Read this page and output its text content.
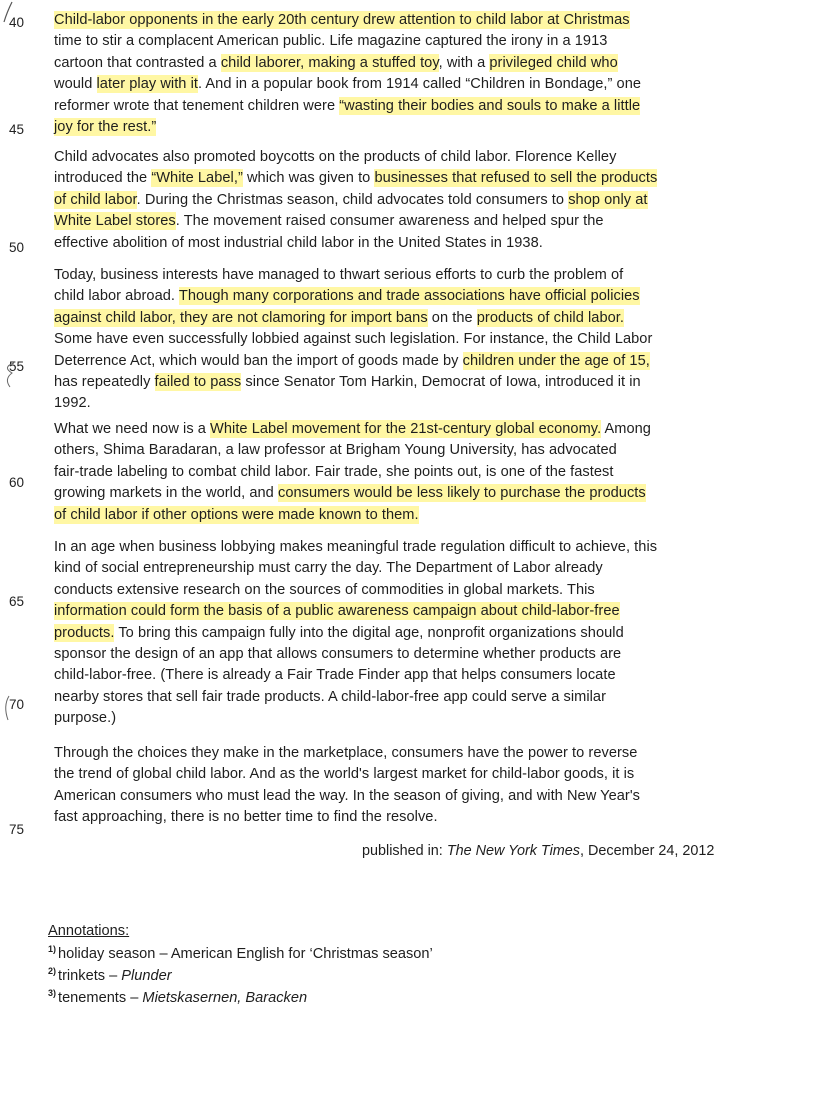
Child-labor opponents in the early 20th century drew attention to child labor at Christmas
time to stir a complacent American public. Life magazine captured the irony in a 1913
cartoon that contrasted a child laborer, making a stuffed toy, with a privileged child who
would later play with it. And in a popular book from 1914 called “Children in Bondage,” one
reformer wrote that tenement children were “wasting their bodies and souls to make a little
joy for the rest.”
Child advocates also promoted boycotts on the products of child labor. Florence Kelley
introduced the “White Label,” which was given to businesses that refused to sell the products
of child labor. During the Christmas season, child advocates told consumers to shop only at
White Label stores. The movement raised consumer awareness and helped spur the
effective abolition of most industrial child labor in the United States in 1938.
Today, business interests have managed to thwart serious efforts to curb the problem of
child labor abroad. Though many corporations and trade associations have official policies
against child labor, they are not clamoring for import bans on the products of child labor.
Some have even successfully lobbied against such legislation. For instance, the Child Labor
Deterrence Act, which would ban the import of goods made by children under the age of 15,
has repeatedly failed to pass since Senator Tom Harkin, Democrat of Iowa, introduced it in
1992.
What we need now is a White Label movement for the 21st-century global economy. Among
others, Shima Baradaran, a law professor at Brigham Young University, has advocated
fair-trade labeling to combat child labor. Fair trade, she points out, is one of the fastest
growing markets in the world, and consumers would be less likely to purchase the products
of child labor if other options were made known to them.
In an age when business lobbying makes meaningful trade regulation difficult to achieve, this
kind of social entrepreneurship must carry the day. The Department of Labor already
conducts extensive research on the sources of commodities in global markets. This
information could form the basis of a public awareness campaign about child-labor-free
products. To bring this campaign fully into the digital age, nonprofit organizations should
sponsor the design of an app that allows consumers to determine whether products are
child-labor-free. (There is already a Fair Trade Finder app that helps consumers locate
nearby stores that sell fair trade products. A child-labor-free app could serve a similar
purpose.)
Through the choices they make in the marketplace, consumers have the power to reverse
the trend of global child labor. And as the world's largest market for child-labor goods, it is
American consumers who must lead the way. In the season of giving, and with New Year's
fast approaching, there is no better time to find the resolve.
40
45
50
55
60
65
70
75
published in: The New York Times, December 24, 2012
Annotations:
$^{1)}$ holiday season – American English for ‘Christmas season’
$^{2)}$ trinkets – Plunder
$^{3)}$ tenements – Mietskasernen, Baracken
